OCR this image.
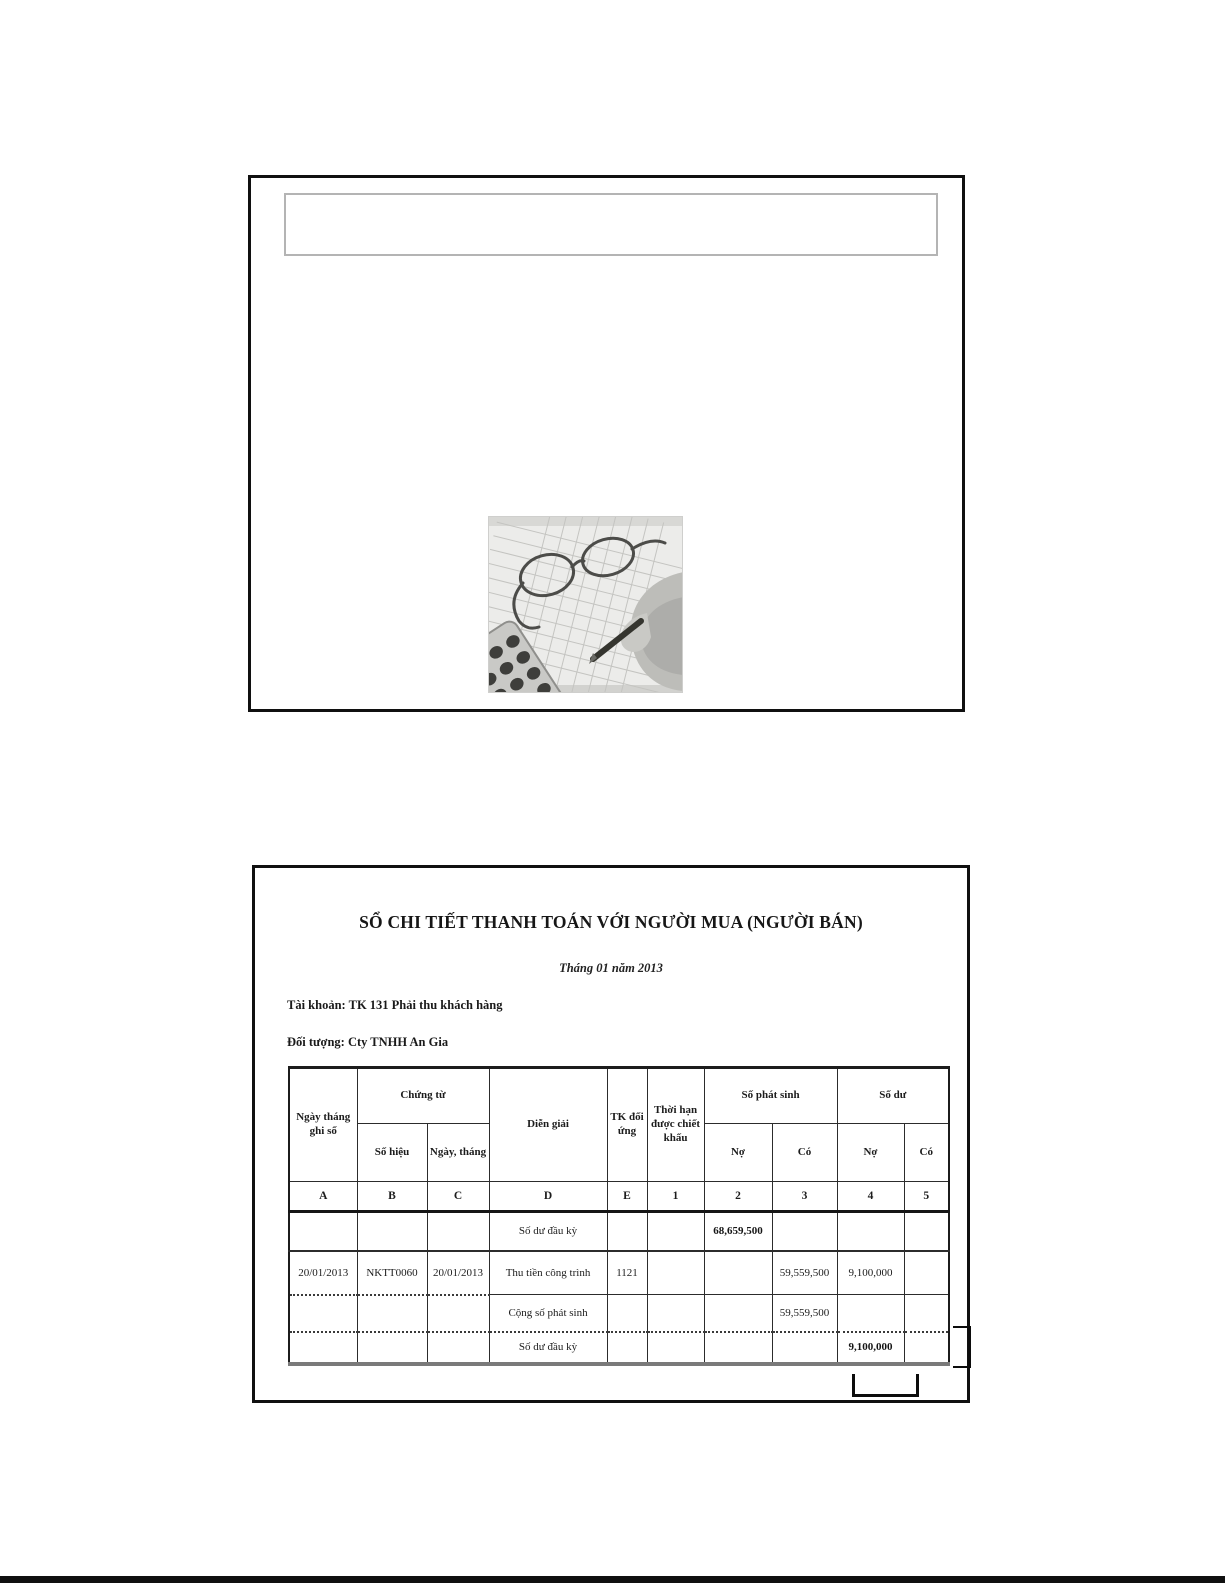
SỔ CHI TIẾT THANH TOÁN VỚI NGƯỜI MUA (NGƯỜI BÁN)
Tháng 01 năm 2013
Tài khoản: TK 131 Phải thu khách hàng
Đối tượng: Cty TNHH An Gia
Ngày tháng ghi sổ	Chứng từ		Diễn giải	TK đối ứng	Thời hạn được chiết khấu	Số phát sinh		Số dư	
	Số hiệu	Ngày, tháng				Nợ	Có	Nợ	Có
A	B	C	D	E	1	2	3	4	5
			Số dư đầu kỳ			68,659,500			
20/01/2013	NKTT0060	20/01/2013	Thu tiền công trình	1121			59,559,500	9,100,000	
			Cộng số phát sinh				59,559,500		
			Số dư đầu kỳ					9,100,000	
